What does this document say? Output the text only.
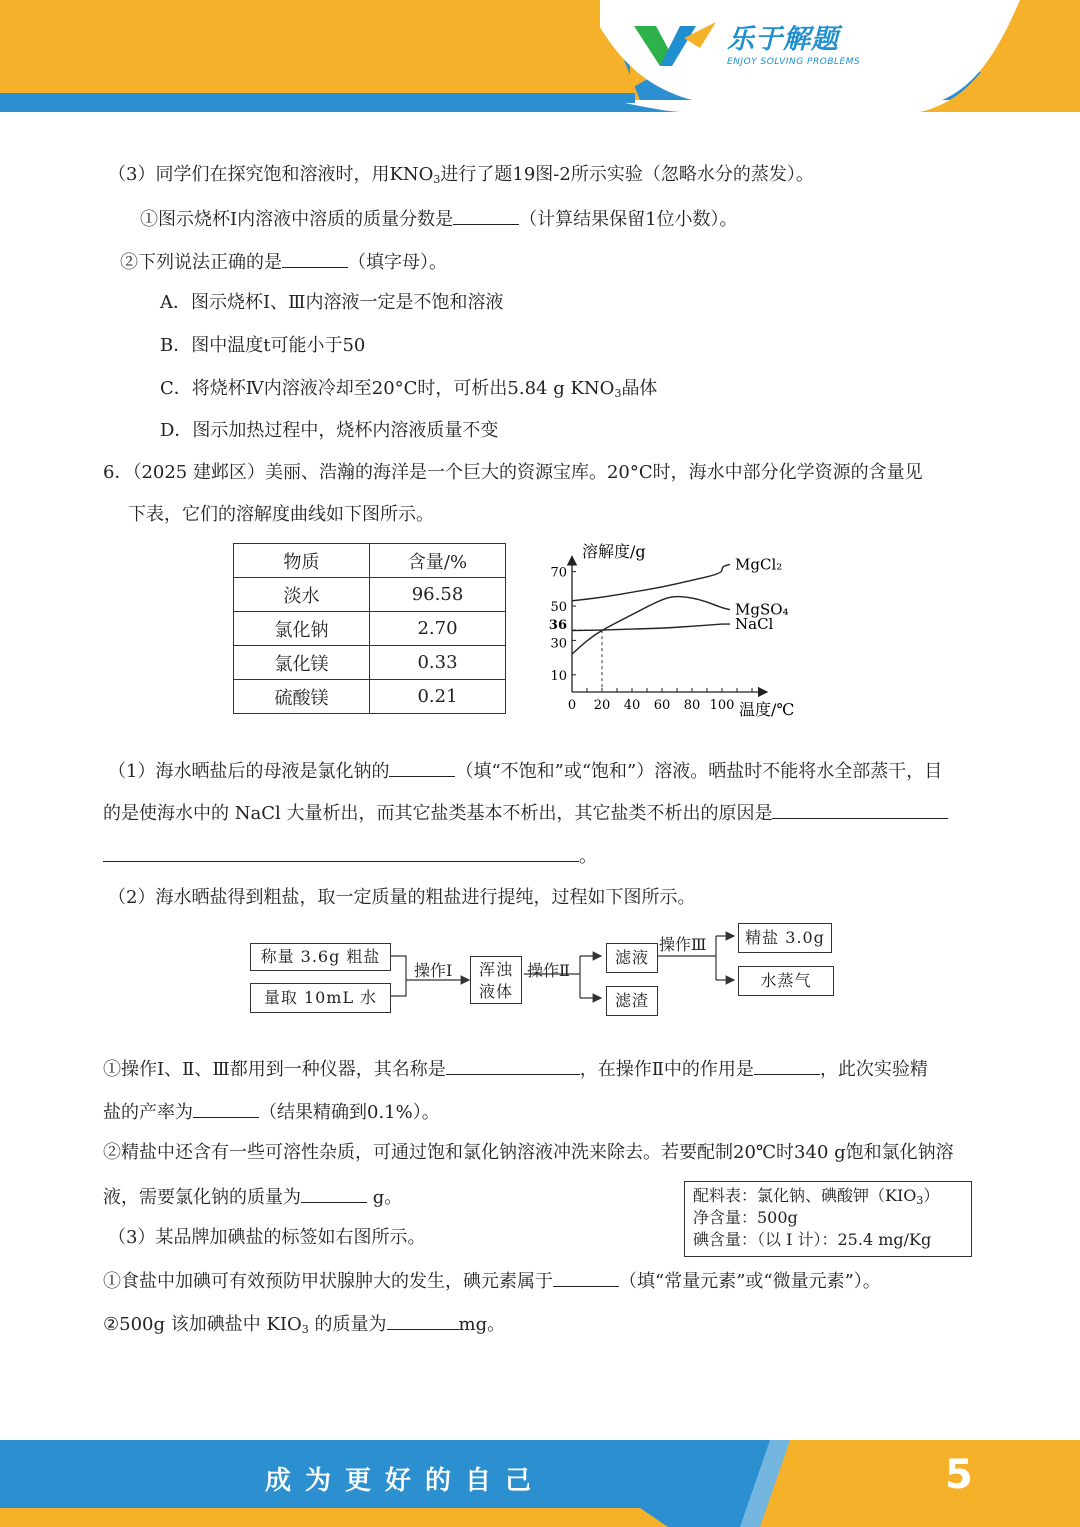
乐于解题
ENJOY SOLVING PROBLEMS
（3）同学们在探究饱和溶液时，用$KNO_3$进行了题19图-2所示实验（忽略水分的蒸发）。
①图示烧杯Ⅰ内溶液中溶质的质量分数是	（计算结果保留1位小数）。
②下列说法正确的是	（填字母）。
A．图示烧杯Ⅰ、Ⅲ内溶液一定是不饱和溶液
B．图中温度t可能小于50
C．将烧杯Ⅳ内溶液冷却至20°C时，可析出5.84 g $KNO_3$晶体
D．图示加热过程中，烧杯内溶液质量不变
6．（2025 建邺区）美丽、浩瀚的海洋是一个巨大的资源宝库。20°C时，海水中部分化学资源的含量见
下表，它们的溶解度曲线如下图所示。
物质	含量/%
淡水	96.58
氯化钠	2.70
氯化镁	0.33
硫酸镁	0.21	0 20 40 60 80 100
10
30
36
50
70	MgCl₂
MgSO₄
NaCl
溶解度/g
温度/℃
（1）海水晒盐后的母液是氯化钠的	（填“不饱和”或“饱和”）溶液。晒盐时不能将水全部蒸干，目
的是使海水中的 NaCl 大量析出，而其它盐类基本不析出，其它盐类不析出的原因是
。
（2）海水晒盐得到粗盐，取一定质量的粗盐进行提纯，过程如下图所示。
称量 3.6g 粗盐
量取 10mL 水
操作Ⅰ	浑浊
液体
操作Ⅱ
滤液
滤渣
操作Ⅲ	精盐 3.0g
水蒸气
①操作Ⅰ、Ⅱ、Ⅲ都用到一种仪器，其名称是	，在操作Ⅱ中的作用是	，此次实验精
盐的产率为	（结果精确到0.1%）。
②精盐中还含有一些可溶性杂质，可通过饱和氯化钠溶液冲洗来除去。若要配制20℃时340 g饱和氯化钠溶
液，需要氯化钠的质量为	g。
（3）某品牌加碘盐的标签如右图所示。
配料表：氯化钠、碘酸钾$(KIO_3)$
净含量：500g
碘含量：（以 I 计）：25.4 mg/Kg
①食盐中加碘可有效预防甲状腺肿大的发生，碘元素属于	（填“常量元素”或“微量元素”）。
②500g 该加碘盐中 $KIO_3$ 的质量为	mg。
成为更好的自己	5
